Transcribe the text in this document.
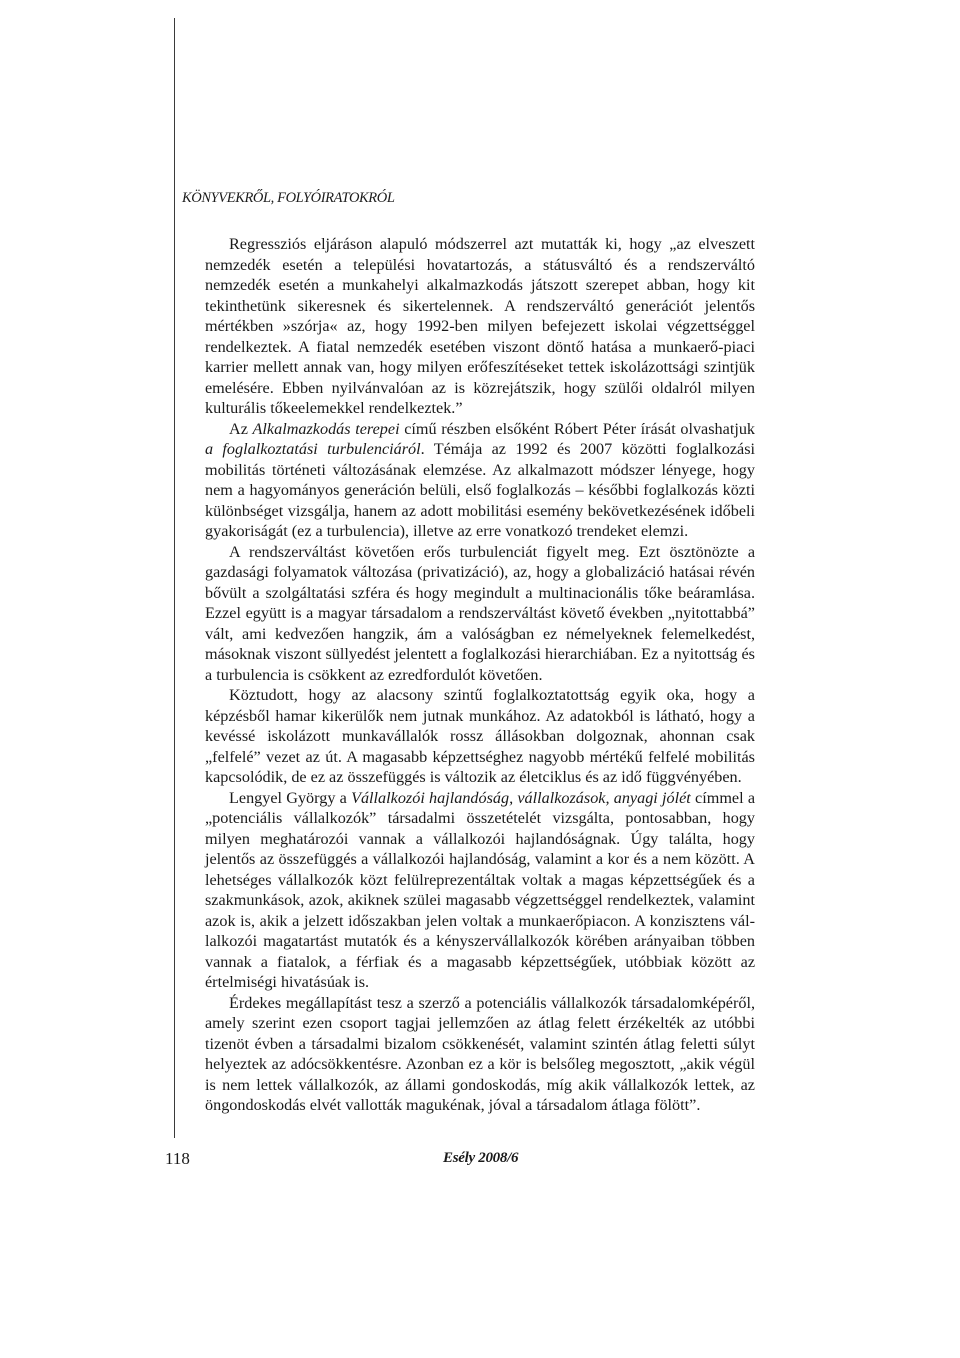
KÖNYVEKRŐL, FOLYÓIRATOKRÓL

Regressziós eljáráson alapuló módszerrel azt mutatták ki, hogy „az elveszett nemzedék esetén a települési hovatartozás, a státusváltó és a rendszerváltó nemzedék esetén a munkahelyi alkalmazkodás játszott szerepet abban, hogy kit tekinthetünk sikeresnek és sikertelennek. A rendszerváltó generációt jelentős mértékben »szórja« az, hogy 1992-ben milyen befejezett iskolai végzettséggel rendelkeztek. A fiatal nemzedék esetében viszont döntő hatása a munkaerő-piaci karrier mellett annak van, hogy milyen erőfeszítéseket tettek iskolázottsági szintjük emelésére. Ebben nyilvánvalóan az is közrejátszik, hogy szülői oldalról milyen kulturális tőkeelemekkel rendelkeztek.”

Az Alkalmazkodás terepei című részben elsőként Róbert Péter írását olvashatjuk a foglalkoztatási turbulenciáról. Témája az 1992 és 2007 közötti foglalkozási mobilitás történeti változásának elemzése. Az alkalmazott módszer lényege, hogy nem a hagyományos generáción belüli, első foglalkozás – későbbi foglalkozás közti különbséget vizsgálja, hanem az adott mobilitási esemény bekövetkezésének időbeli gyakoriságát (ez a turbulencia), illetve az erre vonatkozó trendeket elemzi.

A rendszerváltást követően erős turbulenciát figyelt meg. Ezt ösztönözte a gazdasági folyamatok változása (privatizáció), az, hogy a globalizáció hatásai révén bővült a szolgáltatási szféra és hogy megindult a multinacionális tőke beáramlása. Ezzel együtt is a magyar társadalom a rendszerváltást követő években „nyitottabbá” vált, ami kedvezően hangzik, ám a valóságban ez némelyeknek felemelkedést, másoknak viszont süllyedést jelentett a foglalkozási hierarchiában. Ez a nyitottság és a turbulencia is csökkent az ezredfordulót követően.

Köztudott, hogy az alacsony szintű foglalkoztatottság egyik oka, hogy a képzésből hamar kikerülők nem jutnak munkához. Az adatokból is látható, hogy a kevéssé iskolázott munkavállalók rossz állásokban dolgoznak, ahonnan csak „felfelé” vezet az út. A magasabb képzettséghez nagyobb mértékű felfelé mobilitás kapcsolódik, de ez az összefüggés is változik az életciklus és az idő függvényében.

Lengyel György a Vállalkozói hajlandóság, vállalkozások, anyagi jólét címmel a „potenciális vállalkozók” társadalmi összetételét vizsgálta, pontosabban, hogy milyen meghatározói vannak a vállalkozói hajlandóságnak. Úgy találta, hogy jelentős az összefüggés a vállalkozói hajlandóság, valamint a kor és a nem között. A lehetséges vállalkozók közt felülreprezentáltak voltak a magas képzettségűek és a szakmunkások, azok, akiknek szülei magasabb végzettséggel rendelkeztek, valamint azok is, akik a jelzett időszakban jelen voltak a munkaerőpiacon. A konzisztens vállalkozói magatartást mutatók és a kényszervállalkozók körében arányaiban többen vannak a fiatalok, a férfiak és a magasabb képzettségűek, utóbbiak között az értelmiségi hivatásúak is.

Érdekes megállapítást tesz a szerző a potenciális vállalkozók társadalomképéről, amely szerint ezen csoport tagjai jellemzően az átlag felett érzékelték az utóbbi tizenöt évben a társadalmi bizalom csökkenését, valamint szintén átlag feletti súlyt helyeztek az adócsökkentésre. Azonban ez a kör is belsőleg megosztott, „akik végül is nem lettek vállalkozók, az állami gondoskodás, míg akik vállalkozók lettek, az öngondoskodás elvét vallották magukénak, jóval a társadalom átlaga fölött”.

118	Esély 2008/6
